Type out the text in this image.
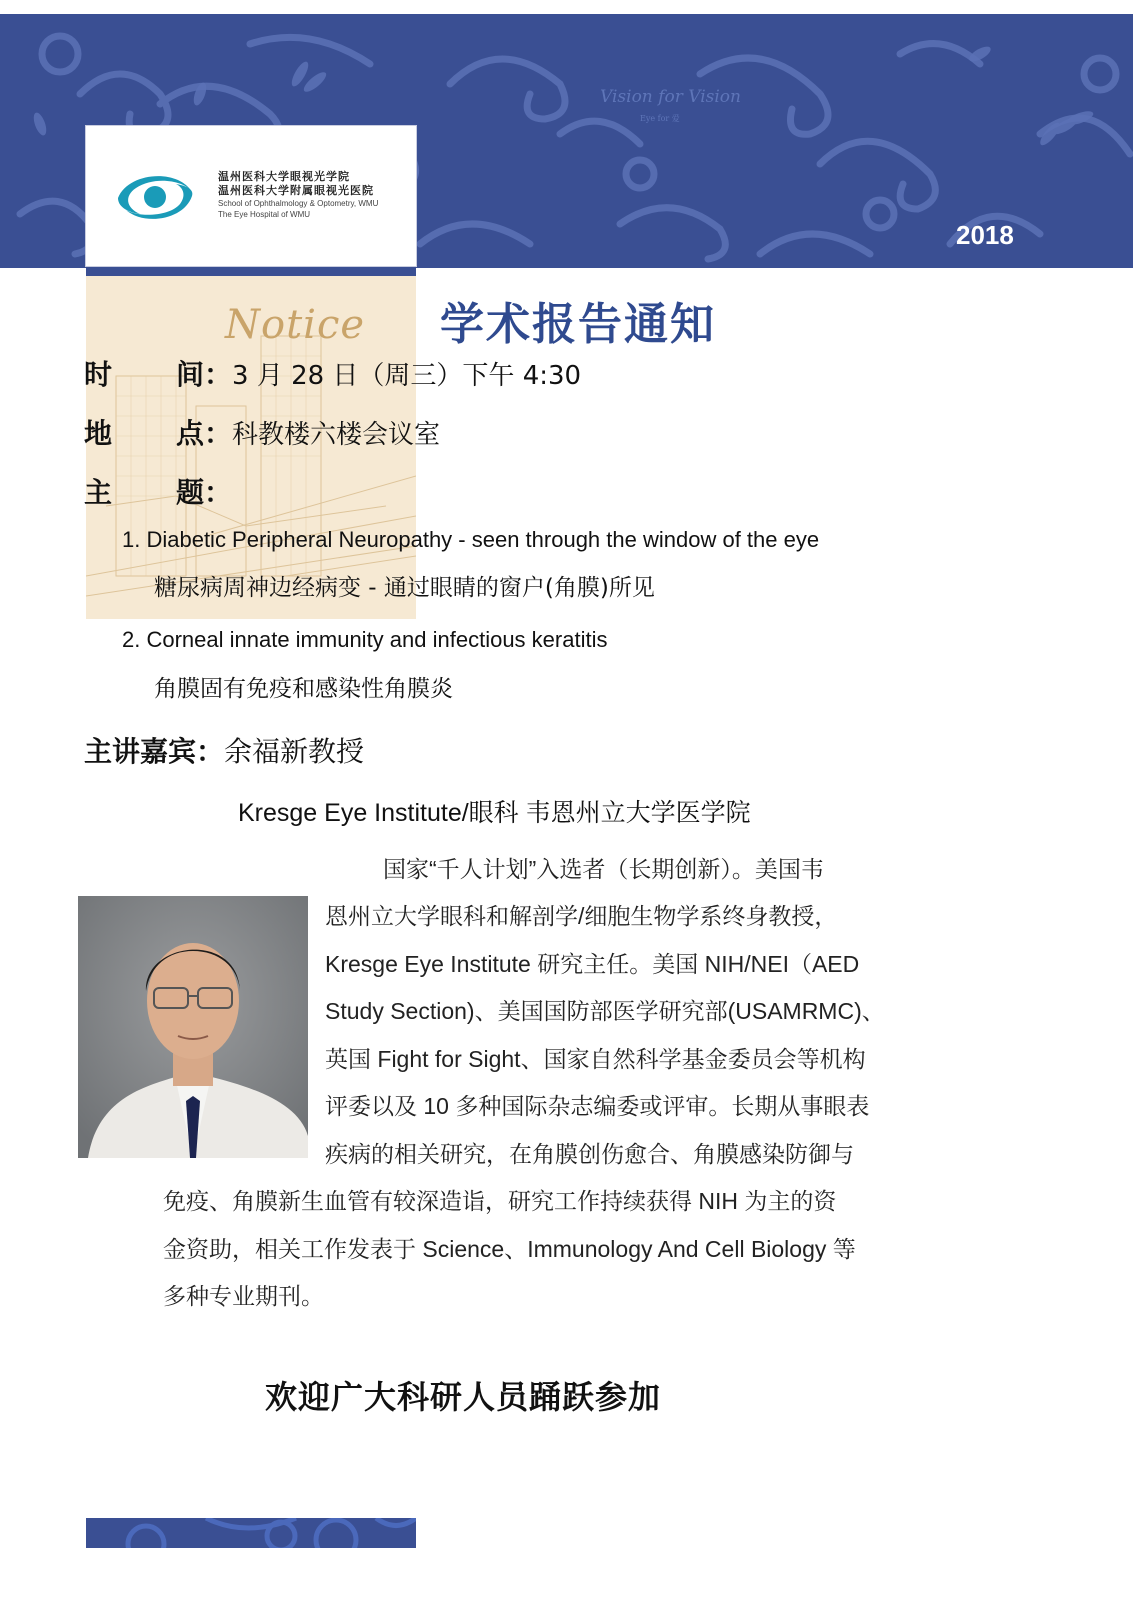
Vision for Vision
Eye for 爱
2018
温州医科大学眼视光学院
温州医科大学附属眼视光医院
School of Ophthalmology & Optometry, WMU
The Eye Hospital of WMU
Notice 学术报告通知
时 间：3 月 28 日（周三）下午 4:30
地 点：科教楼六楼会议室
主 题：
1. Diabetic Peripheral Neuropathy - seen through the window of the eye
糖尿病周神边经病变 - 通过眼睛的窗户(角膜)所见
2. Corneal innate immunity and infectious keratitis
角膜固有免疫和感染性角膜炎
主讲嘉宾：余福新教授
Kresge Eye Institute/眼科 韦恩州立大学医学院
国家“千人计划”入选者（长期创新）。美国韦
恩州立大学眼科和解剖学/细胞生物学系终身教授，
Kresge Eye Institute 研究主任。美国 NIH/NEI（AED
Study Section)、美国国防部医学研究部(USAMRMC)、
英国 Fight for Sight、国家自然科学基金委员会等机构
评委以及 10 多种国际杂志编委或评审。长期从事眼表
疾病的相关研究，在角膜创伤愈合、角膜感染防御与
免疫、角膜新生血管有较深造诣，研究工作持续获得 NIH 为主的资
金资助，相关工作发表于 Science、Immunology And Cell Biology 等
多种专业期刊。
欢迎广大科研人员踊跃参加
